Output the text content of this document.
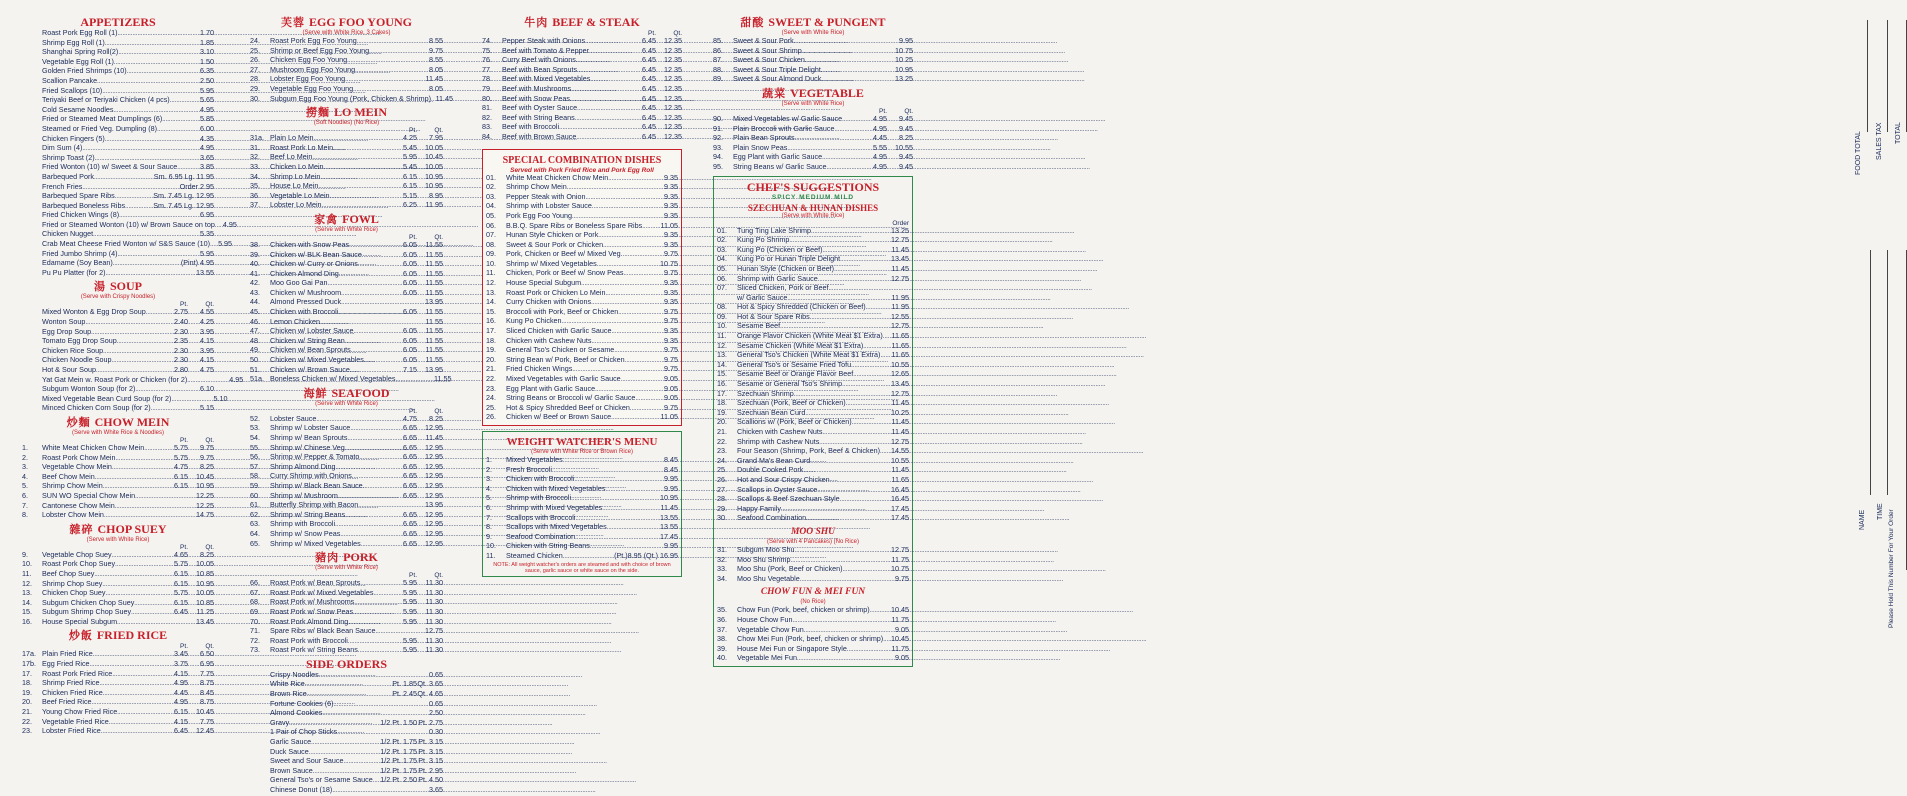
APPETIZERS
Roast Pork Egg Roll (1) .....	1.70
Shrimp Egg Roll (1) .....	1.85
Shanghai Spring Roll(2) .....	3.10
Vegetable Egg Roll (1) .....	1.50
Golden Fried Shrimps (10) .....	6.35
Scallion Pancake .....	2.50
Fried Scallops (10) .....	5.95
Teriyaki Beef or Teriyaki Chicken (4 pcs) .....	5.65
Cold Sesame Noodles .....	4.95
Fried or Steamed Meat Dumplings (6) .....	5.85
Steamed or Fried Veg. Dumpling (8) .....	6.00
Chicken Fingers (5) .....	4.35
Dim Sum (4) .....	4.95
Shrimp Toast (2) .....	3.65
Fried Wonton (10) w/ Sweet & Sour Sauce .....	3.85
Barbequed Pork .....	Sm. 6.95 Lg. 11.95
French Fries .....	Order 2.95
Barbequed Spare Ribs .....	Sm. 7.45 Lg. 12.95
Barbequed Boneless Ribs .....	Sm. 7.45 Lg. 12.95
Fried Chicken Wings (8) .....	6.95
Fried or Steamed Wonton (10) w/ Brown Sauce on top .....	4.95
Chicken Nugget .....	5.35
Crab Meat Cheese Fried Wonton w/ S&S Sauce (10) .....	5.95
Fried Jumbo Shrimp (4) .....	5.95
Edamame (Soy Bean) .....	(Pint) 4.95
Pu Pu Platter (for 2) .....	13.55
湯 SOUP
(Serve with Crispy Noodles)
Pt.	Qt.
Mixed Wonton & Egg Drop Soup .....	2.75	4.55
Wonton Soup .....	2.40	4.25
Egg Drop Soup .....	2.30	3.95
Tomato Egg Drop Soup .....	2.35	4.15
Chicken Rice Soup .....	2.30	3.95
Chicken Noodle Soup .....	2.30	4.15
Hot & Sour Soup .....	2.80	4.75
Yat Gat Mein w. Roast Pork or Chicken (for 2) .....	4.95
Subgum Wonton Soup (for 2) .....	6.10
Mixed Vegetable Bean Curd Soup (for 2) .....	5.10
Minced Chicken Corn Soup (for 2) .....	5.15
炒麵 CHOW MEIN
(Serve with White Rice & Noodles)
Pt.	Qt.
1.	White Meat Chicken Chow Mein .....	5.75	9.75
2.	Roast Pork Chow Mein .....	5.75	9.75
3.	Vegetable Chow Mein .....	4.75	8.25
4.	Beef Chow Mein .....	6.15	10.45
5.	Shrimp Chow Mein .....	6.15	10.95
6.	SUN WO Special Chow Mein .....	12.25
7.	Cantonese Chow Mein .....	12.25
8.	Lobster Chow Mein .....	14.75
雜碎 CHOP SUEY
(Serve with White Rice)
Pt.	Qt.
9.	Vegetable Chop Suey .....	4.65	8.25
10.	Roast Pork Chop Suey .....	5.75	10.05
11.	Beef Chop Suey .....	6.15	10.85
12.	Shrimp Chop Suey .....	6.15	10.95
13.	Chicken Chop Suey .....	5.75	10.05
14.	Subgum Chicken Chop Suey .....	6.15	10.85
15.	Subgum Shrimp Chop Suey .....	6.45	11.25
16.	House Special Subgum .....	13.45
炒飯 FRIED RICE
Pt.	Qt.
17a. Plain Fried Rice .....	3.45	6.50
17b. Egg Fried Rice .....	3.75	6.95
17.	Roast Pork Fried Rice .....	4.15	7.75
18.	Shrimp Fried Rice .....	4.95	8.75
19.	Chicken Fried Rice .....	4.45	8.45
20.	Beef Fried Rice .....	4.95	8.75
21.	Young Chow Fried Rice .....	6.15	10.45
22.	Vegetable Fried Rice .....	4.15	7.75
23.	Lobster Fried Rice .....	6.45	12.45
芙蓉 EGG FOO YOUNG
(Serve with White Rice, 3 Cakes)
24.	Roast Pork Egg Foo Young .....	8.55
25.	Shrimp or Beef Egg Foo Young .....	9.75
26.	Chicken Egg Foo Young .....	8.55
27.	Mushroom Egg Foo Young .....	8.05
28.	Lobster Egg Foo Young .....	11.45
29.	Vegetable Egg Foo Young .....	8.05
30.	Subgum Egg Foo Young (Pork, Chicken & Shrimp) ..... 11.45
撈麵 LO MEIN
(Soft Noodles) (No Rice)
Pt.	Qt.
31a. Plain Lo Mein .....	4.25	7.95
31.	Roast Pork Lo Mein .....	5.45	10.05
32.	Beef Lo Mein .....	5.95	10.45
33.	Chicken Lo Mein .....	5.45	10.05
34.	Shrimp Lo Mein .....	6.15	10.95
35.	House Lo Mein .....	6.15	10.95
36.	Vegetable Lo Mein .....	5.15	8.95
37.	Lobster Lo Mein .....	6.25	11.95
家禽 FOWL
(Serve with White Rice)
Pt.	Qt.
38.	Chicken with Snow Peas .....	6.05	11.55
39.	Chicken w/ BLK Bean Sauce .....	6.05	11.55
40.	Chicken w/ Curry or Onions .....	6.05	11.55
41.	Chicken Almond Ding .....	6.05	11.55
42.	Moo Goo Gai Pan .....	6.05	11.55
43.	Chicken w/ Mushroom .....	6.05	11.55
44.	Almond Pressed Duck .....	13.95
45.	Chicken with Broccoli .....	6.05	11.55
46.	Lemon Chicken .....	11.55
47.	Chicken w/ Lobster Sauce .....	6.05	11.55
48.	Chicken w/ String Bean .....	6.05	11.55
49.	Chicken w/ Bean Sprouts .....	6.05	11.55
50.	Chicken w/ Mixed Vegetables .....	6.05	11.55
51.	Chicken w/ Brown Sauce .....	7.15	13.95
51a. Boneless Chicken w/ Mixed Vegetables .....	11.55
海鮮 SEAFOOD
(Serve with White Rice)
Pt.	Qt.
52.	Lobster Sauce .....	4.75	8.25
53.	Shrimp w/ Lobster Sauce .....	6.65	12.95
54.	Shrimp w/ Bean Sprouts .....	6.65	11.45
55.	Shrimp w/ Chinese Veg .....	6.65	12.95
56.	Shrimp w/ Pepper & Tomato .....	6.65	12.95
57.	Shrimp Almond Ding .....	6.65	12.95
58.	Curry Shrimp with Onions .....	6.65	12.95
59.	Shrimp w/ Black Bean Sauce .....	6.65	12.95
60.	Shrimp w/ Mushroom .....	6.65	12.95
61.	Butterfly Shrimp with Bacon .....	13.95
62.	Shrimp w/ String Beans .....	6.65	12.95
63.	Shrimp with Broccoli .....	6.65	12.95
64.	Shrimp w/ Snow Peas .....	6.65	12.95
65.	Shrimp w/ Mixed Vegetables .....	6.65	12.95
豬肉 PORK
(Serve with White Rice)
Pt.	Qt.
66.	Roast Pork w/ Bean Sprouts .....	5.95	11.30
67.	Roast Pork w/ Mixed Vegetables .....	5.95	11.30
68.	Roast Pork w/ Mushrooms .....	5.95	11.30
69.	Roast Pork w/ Snow Peas .....	5.95	11.30
70.	Roast Pork Almond Ding .....	5.95	11.30
71.	Spare Ribs w/ Black Bean Sauce .....	12.75
72.	Roast Pork with Broccoli .....	5.95	11.30
73.	Roast Pork w/ String Beans .....	5.95	11.30
SIDE ORDERS
Crispy Noodles .....	0.65
White Rice .....	Pt. 1.85 Qt. 3.65
Brown Rice .....	Pt. 2.45 Qt. 4.65
Fortune Cookies (6) .....	0.65
Almond Cookies .....	2.50
Gravy .....	1/2 Pt. 1.50 Pt. 2.75
1 Pair of Chop Sticks .....	0.30
Garlic Sauce .....	1/2 Pt. 1.75 Pt. 3.15
Duck Sauce .....	1/2 Pt. 1.75 Pt. 3.15
Sweet and Sour Sauce .....	1/2 Pt. 1.75 Pt. 3.15
Brown Sauce .....	1/2 Pt. 1.75 Pt. 2.95
General Tso's or Sesame Sauce ..... 1/2 Pt. 2.50 Pt. 4.50
Chinese Donut (18) .....	3.65
牛肉 BEEF & STEAK
Pt.	Qt.
74.	Pepper Steak with Onions .....	6.45	12.35
75.	Beef with Tomato & Pepper .....	6.45	12.35
76.	Curry Beef with Onions .....	6.45	12.35
77.	Beef with Bean Sprouts .....	6.45	12.35
78.	Beef with Mixed Vegetables .....	6.45	12.35
79.	Beef with Mushrooms .....	6.45	12.35
80.	Beef with Snow Peas .....	6.45	12.35
81.	Beef with Oyster Sauce .....	6.45	12.35
82.	Beef with String Beans .....	6.45	12.35
83.	Beef with Broccoli .....	6.45	12.35
84.	Beef with Brown Sauce .....	6.45	12.35
SPECIAL COMBINATION DISHES
Served with Pork Fried Rice and Pork Egg Roll
01.	White Meat Chicken Chow Mein .....	9.35
02.	Shrimp Chow Mein .....	9.35
03.	Pepper Steak with Onion .....	9.35
04.	Shrimp with Lobster Sauce .....	9.35
05.	Pork Egg Foo Young .....	9.35
06.	B.B.Q. Spare Ribs or Boneless Spare Ribs .....	11.05
07.	Hunan Style Chicken or Pork .....	9.35
08.	Sweet & Sour Pork or Chicken .....	9.35
09.	Pork, Chicken or Beef w/ Mixed Veg. .....	9.75
10.	Shrimp w/ Mixed Vegetables .....	10.75
11.	Chicken, Pork or Beef w/ Snow Peas .....	9.75
12.	House Special Subgum .....	9.35
13.	Roast Pork or Chicken Lo Mein .....	9.35
14.	Curry Chicken with Onions .....	9.35
15.	Broccoli with Pork, Beef or Chicken .....	9.75
16.	Kung Po Chicken .....	9.75
17.	Sliced Chicken with Garlic Sauce .....	9.35
18.	Chicken with Cashew Nuts .....	9.35
19.	General Tso's Chicken or Sesame .....	9.75
20.	String Bean w/ Pork, Beef or Chicken .....	9.75
21.	Fried Chicken Wings .....	9.75
22.	Mixed Vegetables with Garlic Sauce .....	9.05
23.	Egg Plant with Garlic Sauce .....	9.05
24.	String Beans or Broccoli w/ Garlic Sauce .....	9.05
25.	Hot & Spicy Shredded Beef or Chicken .....	9.75
26.	Chicken w/ Beef or Brown Sauce .....	11.05
WEIGHT WATCHER'S MENU
(Serve with White Rice or Brown Rice)
1.	Mixed Vegetables .....	8.45
2.	Fresh Broccoli .....	8.45
3.	Chicken with Broccoli .....	9.95
4.	Chicken with Mixed Vegetables .....	9.95
5.	Shrimp with Broccoli .....	10.95
6.	Shrimp with Mixed Vegetables .....	11.45
7.	Scallops with Broccoli .....	13.55
8.	Scallops with Mixed Vegetables .....	13.55
9.	Seafood Combination .....	17.45
10.	Chicken with String Beans .....	9.95
11.	Steamed Chicken .....	(Pt.)8.95 (Qt.) 16.95
NOTE: All weight watcher's orders are steamed and with choice of brown sauce, garlic sauce or white sauce on the side.
甜酸 SWEET & PUNGENT
(Serve with White Rice)
85.	Sweet & Sour Pork .....	9.95
86.	Sweet & Sour Shrimp .....	10.75
87.	Sweet & Sour Chicken .....	10.25
88.	Sweet & Sour Triple Delight .....	10.95
89.	Sweet & Sour Almond Duck .....	13.25
蔬菜 VEGETABLE
(Serve with White Rice)
Pt.	Qt.
90.	Mixed Vegetables w/ Garlic Sauce .....	4.95	9.45
91.	Plain Broccoli with Garlic Sauce .....	4.95	9.45
92.	Plain Bean Sprouts .....	4.45	8.25
93.	Plain Snow Peas .....	5.55	10.55
94.	Egg Plant with Garlic Sauce .....	4.95	9.45
95.	String Beans w/ Garlic Sauce .....	4.95	9.45
CHEF'S SUGGESTIONS
SPICY MEDIUM MILD
SZECHUAN & HUNAN DISHES
(Serve with White Rice)
Order
01.	Tung Ting Lake Shrimp .....	13.25
02.	Kung Po Shrimp .....	12.75
03.	Kung Po (Chicken or Beef) .....	11.45
04.	Kung Po or Hunan Triple Delight .....	13.45
05.	Hunan Style (Chicken or Beef) .....	11.45
06.	Shrimp with Garlic Sauce .....	12.75
07.	Sliced Chicken, Pork or Beef
.....
w/ Garlic Sauce .....	11.95
08.	Hot & Spicy Shredded (Chicken or Beef) .....	11.95
09.	Hot & Sour Spare Ribs .....	12.55
10.	Sesame Beef .....	12.75
11.	Orange Flavor Chicken (White Meat $1 Extra) ..... 11.65
12.	Sesame Chicken (White Meat $1 Extra) .....	11.65
13.	General Tso's Chicken (White Meat $1 Extra) ..... 11.65
14.	General Tso's or Sesame Fried Tofu .....	10.55
15.	Sesame Beef or Orange Flavor Beef .....	12.65
16.	Sesame or General Tso's Shrimp .....	13.45
17.	Szechuan Shrimp .....	12.75
18.	Szechuan (Pork, Beef or Chicken) .....	11.45
19.	Szechuan Bean Curd .....	10.25
20.	Scallions w/ (Pork, Beef or Chicken) .....	11.45
21.	Chicken with Cashew Nuts .....	11.45
22.	Shrimp with Cashew Nuts .....	12.75
23.	Four Season (Shrimp, Pork, Beef & Chicken) ..... 14.55
24.	Grand Ma's Bean Curd .....	10.55
25.	Double Cooked Pork .....	11.45
26.	Hot and Sour Crispy Chicken .....	11.65
27.	Scallops in Oyster Sauce .....	16.45
28.	Scallops & Beef Szechuan Style .....	16.45
29.	Happy Family .....	17.45
30.	Seafood Combination .....	17.45
MOO SHU
(Serve with 4 Pancakes) (No Rice)
31.	Subgum Moo Shu .....	12.75
32.	Moo Shu Shrimp .....	11.75
33.	Moo Shu (Pork, Beef or Chicken) .....	10.75
34.	Moo Shu Vegetable .....	9.75
CHOW FUN & MEI FUN
(No Rice)
35.	Chow Fun (Pork, beef, chicken or shrimp) .....	10.45
36.	House Chow Fun .....	11.75
37.	Vegetable Chow Fun .....	9.05
38.	Chow Mei Fun (Pork, beef, chicken or shrimp) ..... 10.45
39.	House Mei Fun or Singapore Style .....	11.75
40.	Vegetable Mei Fun .....	9.05
FOOD TOTAL SALES TAX TOTAL
NAME TIME Please Hold This Number For Your Order
